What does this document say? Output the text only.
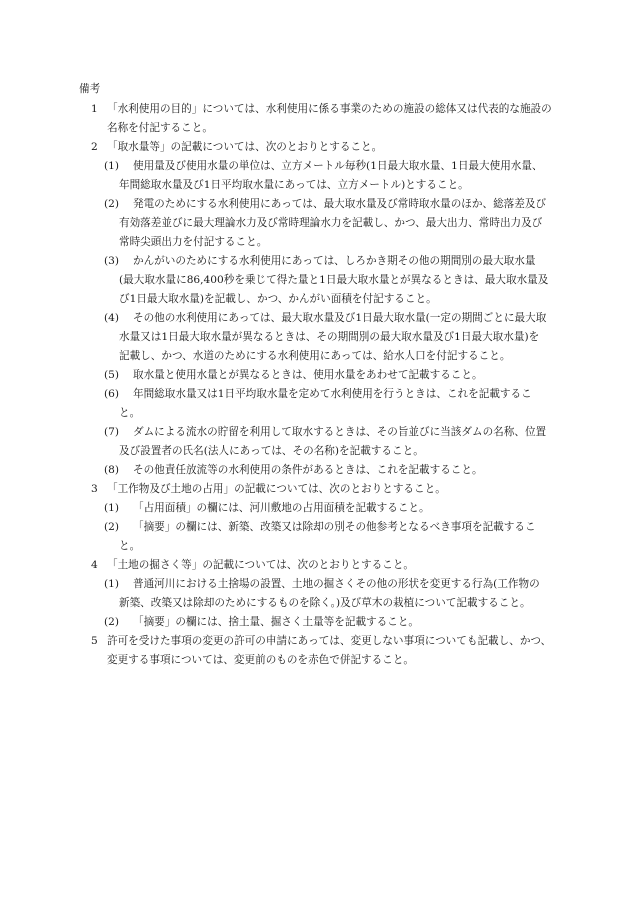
備考
1 「水利使用の目的」については、水利使用に係る事業のための施設の総体又は代表的な施設の名称を付記すること。
2 「取水量等」の記載については、次のとおりとすること。
(1)	使用量及び使用水量の単位は、立方メートル毎秒(1日最大取水量、1日最大使用水量、年間総取水量及び1日平均取水量にあっては、立方メートル)とすること。
(2)	発電のためにする水利使用にあっては、最大取水量及び常時取水量のほか、総落差及び有効落差並びに最大理論水力及び常時理論水力を記載し、かつ、最大出力、常時出力及び常時尖頭出力を付記すること。
(3)	かんがいのためにする水利使用にあっては、しろかき期その他の期間別の最大取水量(最大取水量に86,400秒を乗じて得た量と1日最大取水量とが異なるときは、最大取水量及び1日最大取水量)を記載し、かつ、かんがい面積を付記すること。
(4)	その他の水利使用にあっては、最大取水量及び1日最大取水量(一定の期間ごとに最大取水量又は1日最大取水量が異なるときは、その期間別の最大取水量及び1日最大取水量)を記載し、かつ、水道のためにする水利使用にあっては、給水人口を付記すること。
(5)	取水量と使用水量とが異なるときは、使用水量をあわせて記載すること。
(6)	年間総取水量又は1日平均取水量を定めて水利使用を行うときは、これを記載すること。
(7)	ダムによる流水の貯留を利用して取水するときは、その旨並びに当該ダムの名称、位置及び設置者の氏名(法人にあっては、その名称)を記載すること。
(8)	その他責任放流等の水利使用の条件があるときは、これを記載すること。
3 「工作物及び土地の占用」の記載については、次のとおりとすること。
(1)	「占用面積」の欄には、河川敷地の占用面積を記載すること。
(2)	「摘要」の欄には、新築、改築又は除却の別その他参考となるべき事項を記載すること。
4 「土地の掘さく等」の記載については、次のとおりとすること。
(1)	普通河川における土捨場の設置、土地の掘さくその他の形状を変更する行為(工作物の新築、改築又は除却のためにするものを除く。)及び草木の栽植について記載すること。
(2)	「摘要」の欄には、捨土量、掘さく土量等を記載すること。
5 許可を受けた事項の変更の許可の申請にあっては、変更しない事項についても記載し、かつ、変更する事項については、変更前のものを赤色で併記すること。
